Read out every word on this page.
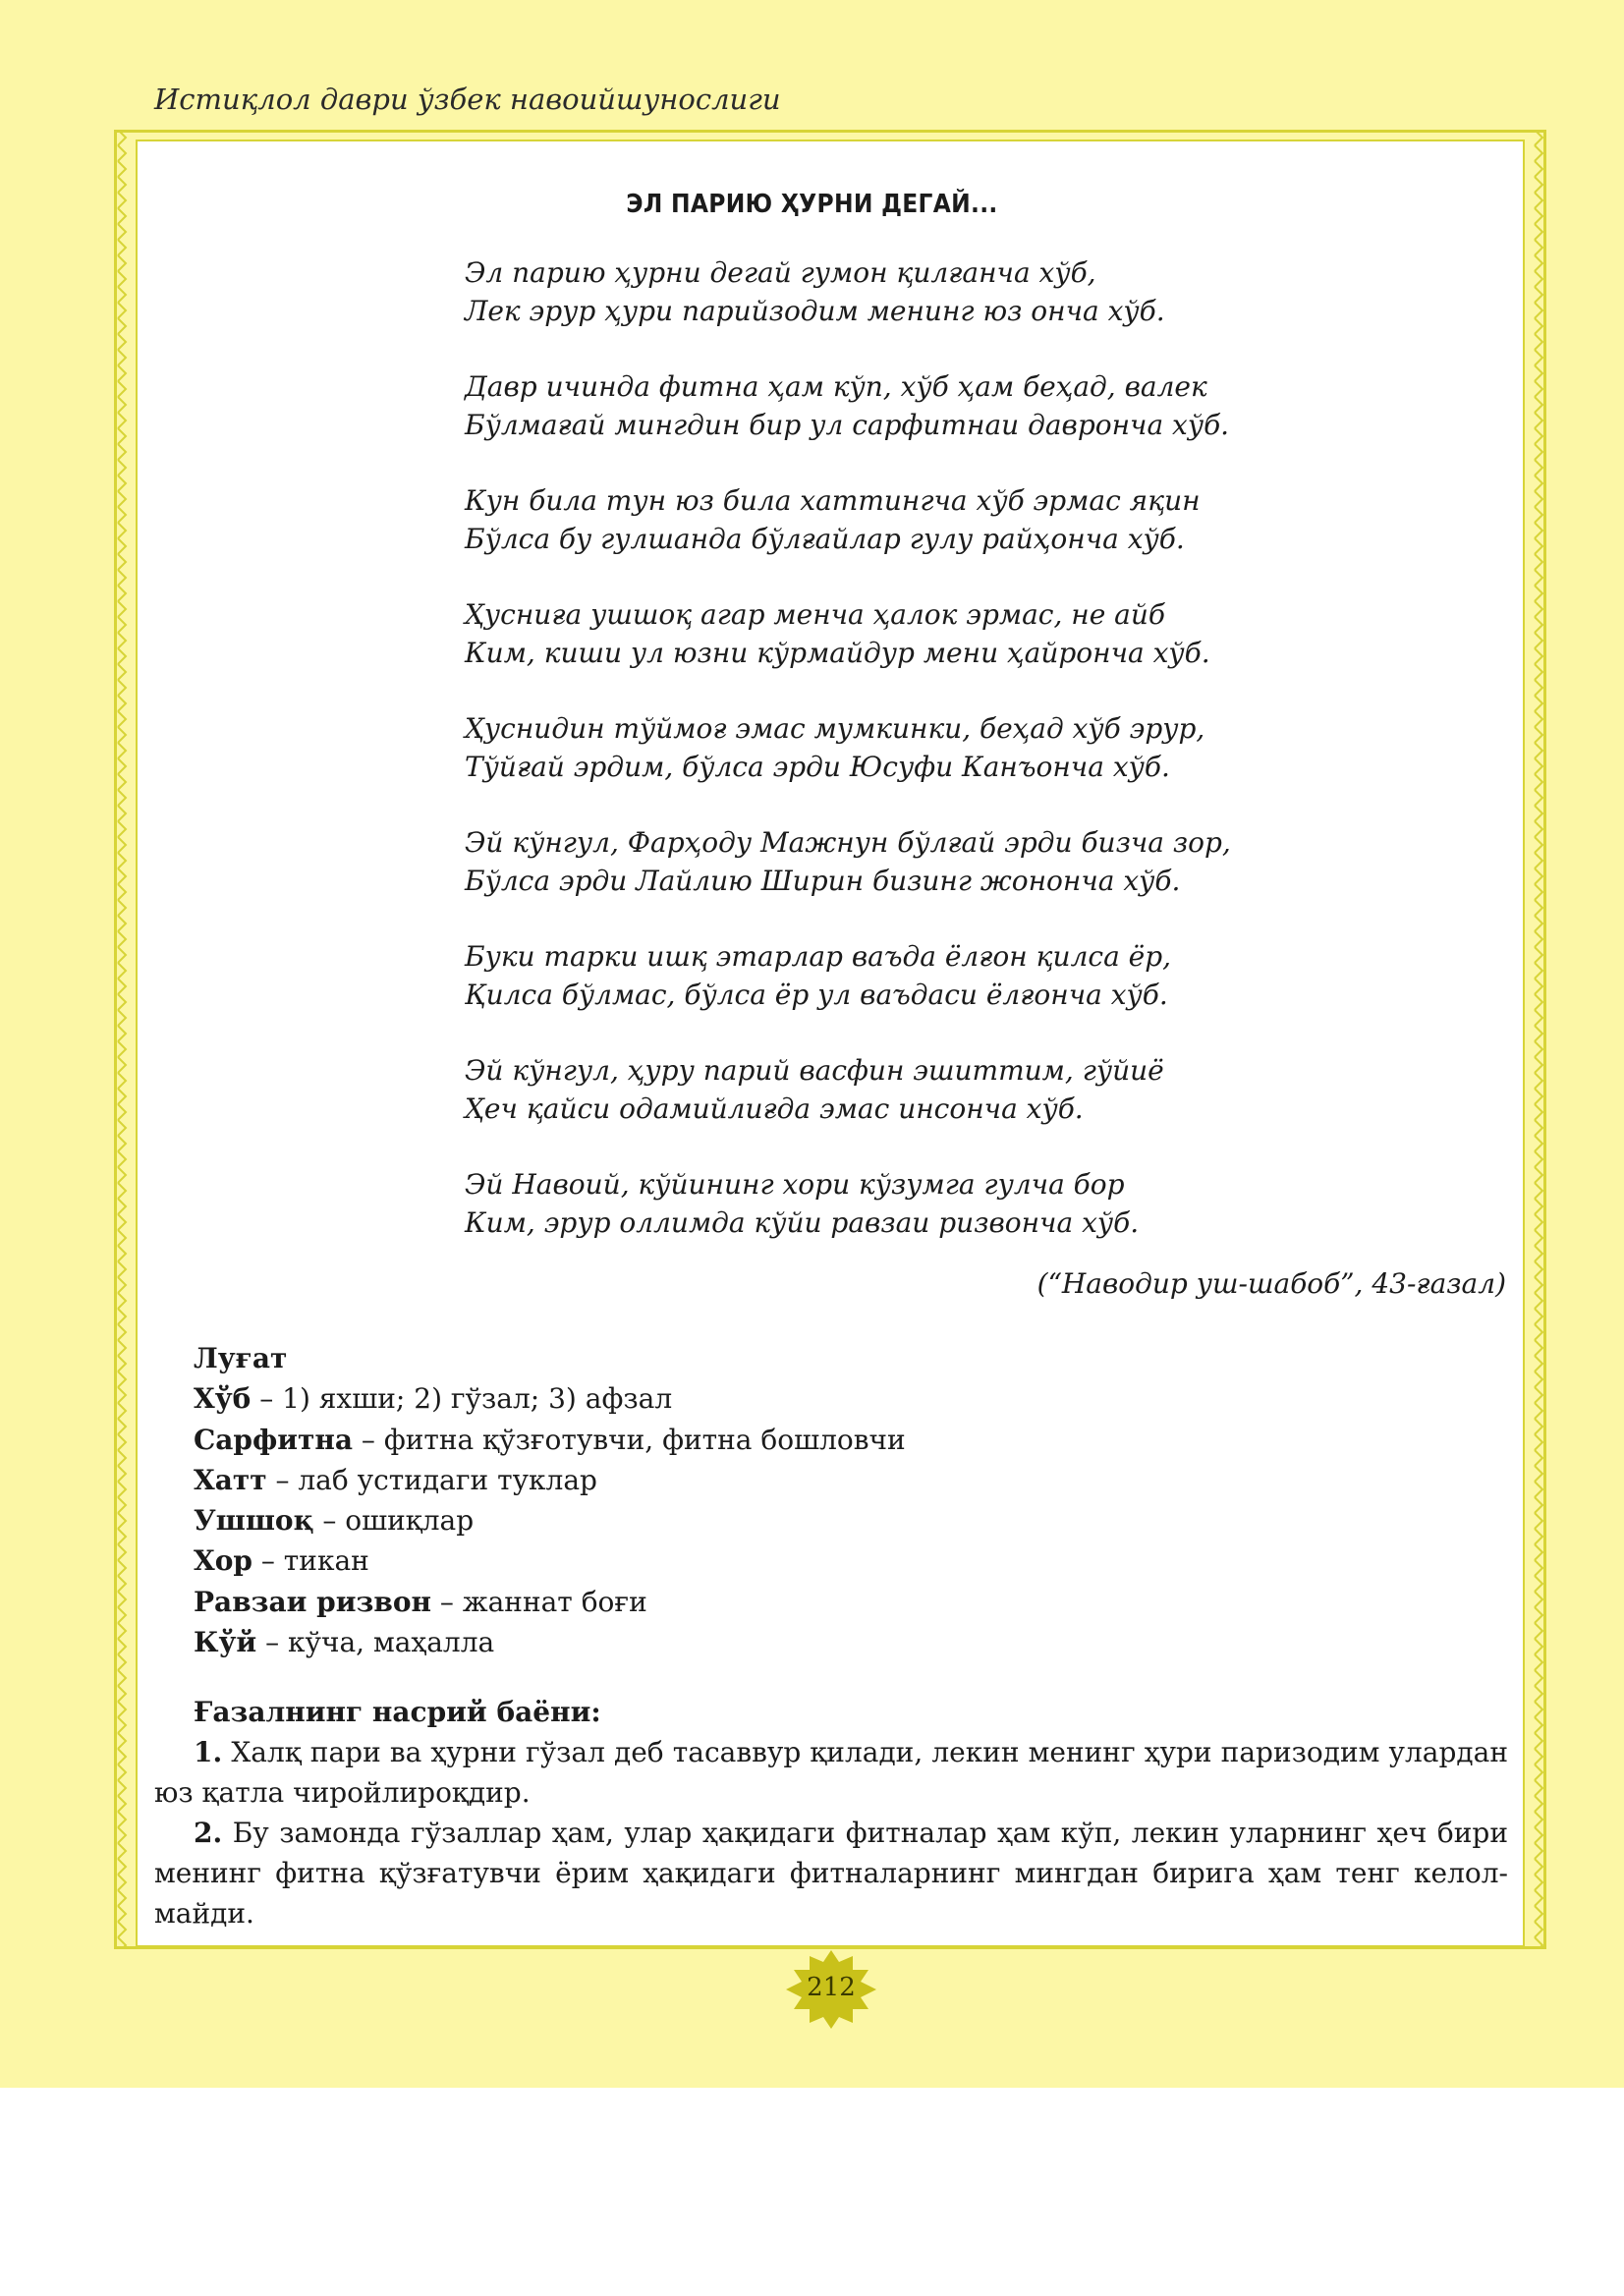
Истиқлол даври ўзбек навоийшунослиги
ЭЛ ПАРИЮ ҲУРНИ ДЕГАЙ...
Эл парию ҳурни дегай гумон қилғанча хўб,
Лек эрур ҳури парийзодим менинг юз онча хўб.
Давр ичинда фитна ҳам кўп, хўб ҳам беҳад, валек
Бўлмағай мингдин бир ул сарфитнаи давронча хўб.
Кун била тун юз била хаттингча хўб эрмас яқин
Бўлса бу гулшанда бўлғайлар гулу райҳонча хўб.
Ҳусниға ушшоқ агар менча ҳалок эрмас, не айб
Ким, киши ул юзни кўрмайдур мени ҳайронча хўб.
Ҳуснидин тўймоғ эмас мумкинки, беҳад хўб эрур,
Тўйғай эрдим, бўлса эрди Юсуфи Канъонча хўб.
Эй кўнгул, Фарҳоду Мажнун бўлғай эрди бизча зор,
Бўлса эрди Лайлию Ширин бизинг жононча хўб.
Буки тарки ишқ этарлар ваъда ёлғон қилса ёр,
Қилса бўлмас, бўлса ёр ул ваъдаси ёлғонча хўб.
Эй кўнгул, ҳуру парий васфин эшиттим, гўйиё
Ҳеч қайси одамийлиғда эмас инсонча хўб.
Эй Навоий, кўйининг хори кўзумга гулча бор
Ким, эрур оллимда кўйи равзаи ризвонча хўб.
(“Наводир уш-шабоб”, 43-ғазал)
Луғат
Хўб – 1) яхши; 2) гўзал; 3) афзал
Сарфитна – фитна қўзғотувчи, фитна бошловчи
Хатт – лаб устидаги туклар
Ушшоқ – ошиқлар
Хор – тикан
Равзаи ризвон – жаннат боғи
Кўй – кўча, маҳалла
Ғазалнинг насрий баёни:

1. Халқ пари ва ҳурни гўзал деб тасаввур қилади, лекин менинг ҳури паризодим улардан юз қатла чиройлироқдир.

2. Бу замонда гўзаллар ҳам, улар ҳақидаги фитналар ҳам кўп, лекин уларнинг ҳеч бири менинг фитна қўзғатувчи ёрим ҳақидаги фитналарнинг мингдан бирига ҳам тенг келол-майди.

212
